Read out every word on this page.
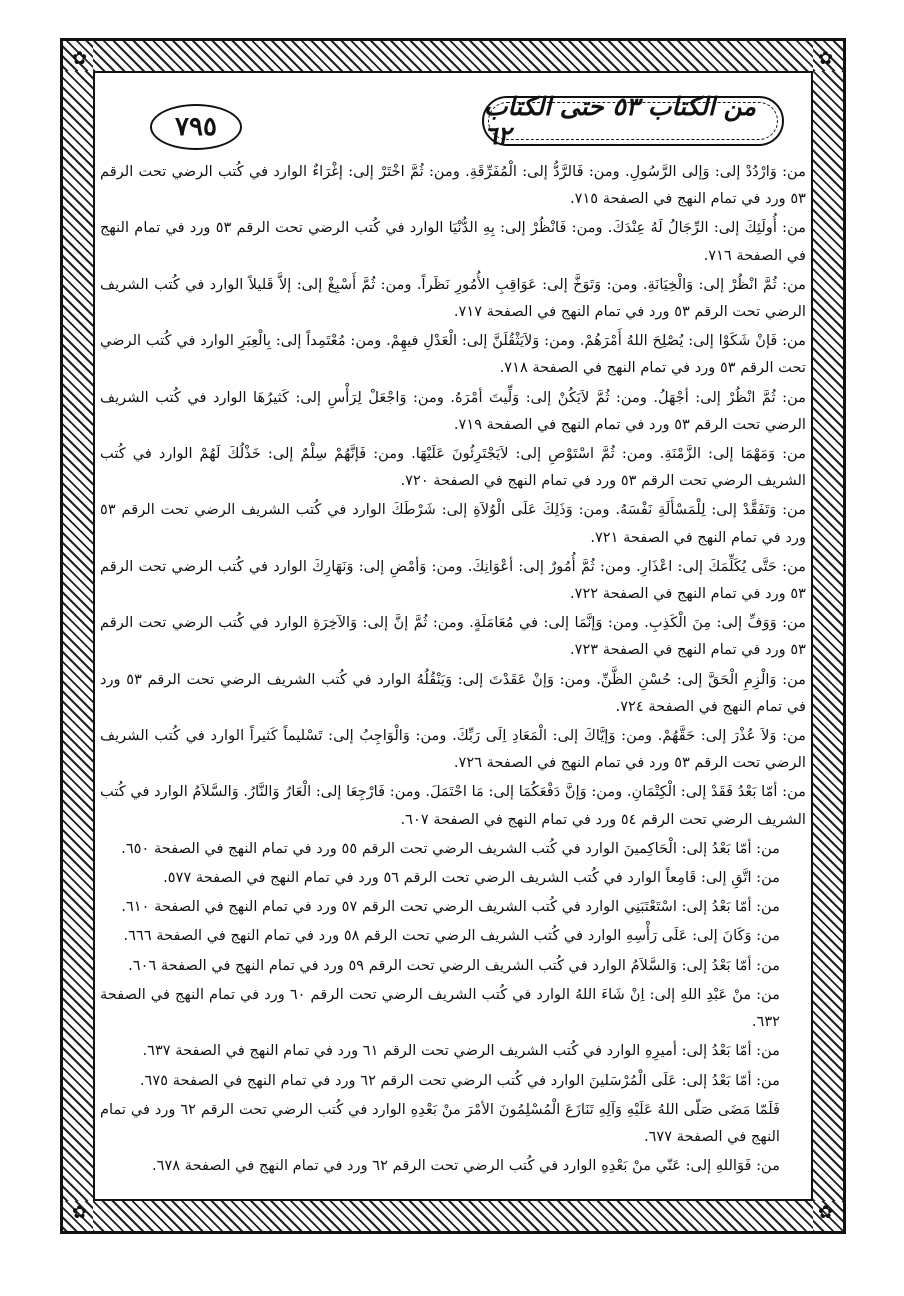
✿	✿
✿	✿
من الكتاب ٥٣ حتى الكتاب ٦٢
٧٩٥

من: وَارْدُدْ إلى: وَإلى الرَّسُولِ. ومن: فَالرَّدُّ إلى: الْمُفَرِّقَةِ. ومن: ثُمَّ اخْتَرْ إلى: إغْرَاءٌ الوارد في كُتب الرضي تحت الرقم ٥٣ ورد في تمام النهج في الصفحة ٧١٥.

من: أُولَئِكَ إلى: الرِّجَالُ لَهُ عِنْدَكَ. ومن: فَانْظُرْ إلى: بِهِ الدُّنْيَا الوارد في كُتب الرضي تحت الرقم ٥٣ ورد في تمام النهج في الصفحة ٧١٦.

من: ثُمَّ انْظُرْ إلى: وَالْخِيَانَةِ. ومن: وَتَوَخَّ إلى: عَوَاقِبِ الأُمُورِ نَظَراً. ومن: ثُمَّ أَسْبِغْ إلى: إلاَّ قَليلاً الوارد في كُتب الشريف الرضي تحت الرقم ٥٣ ورد في تمام النهج في الصفحة ٧١٧.

من: فَإنْ شَكَوْا إلى: يُصْلِحَ اللهُ أَمْرَهُمْ. ومن: وَلاَيَثْقُلَنَّ إلى: الْعَدْلِ فيهِمْ. ومن: مُعْتَمِداً إلى: بِالْعِبَرِ الوارد في كُتب الرضي تحت الرقم ٥٣ ورد في تمام النهج في الصفحة ٧١٨.

من: ثُمَّ انْظُرْ إلى: أجْهَلُ. ومن: ثُمَّ لاَيَكُنْ إلى: وَلِّيتَ أمْرَهُ. ومن: وَاجْعَلْ لِرَأْسِ إلى: كَثيرُهَا الوارد في كُتب الشريف الرضي تحت الرقم ٥٣ ورد في تمام النهج في الصفحة ٧١٩.

من: وَمَهْمَا إلى: الزَّمْنَةِ. ومن: ثُمَّ اسْتَوْصِ إلى: لاَيَجْتَرِئُونَ عَلَيْهَا. ومن: فَإنَّهُمْ سِلْمٌ إلى: خَذْلُكَ لَهُمْ الوارد في كُتب الشريف الرضي تحت الرقم ٥٣ ورد في تمام النهج في الصفحة ٧٢٠.

من: وَتَفَقَّدْ إلى: لِلْمَسْأَلَةِ نَفْسَهُ. ومن: وَذَلِكَ عَلَى الْوُلاَةِ إلى: شَرْطَكَ الوارد في كُتب الشريف الرضي تحت الرقم ٥٣ ورد في تمام النهج في الصفحة ٧٢١.

من: حَتَّى يُكَلِّمَكَ إلى: اعْذَارِ. ومن: ثُمَّ أُمُورٌ إلى: أعْوَانِكَ. ومن: وَأمْضِ إلى: وَنَهَارِكَ الوارد في كُتب الرضي تحت الرقم ٥٣ ورد في تمام النهج في الصفحة ٧٢٢.

من: وَوَفِّ إلى: مِنَ الْكَذِبِ. ومن: وَإنَّمَا إلى: في مُعَامَلَةٍ. ومن: ثُمَّ إنَّ إلى: وَالآخِرَةِ الوارد في كُتب الرضي تحت الرقم ٥٣ ورد في تمام النهج في الصفحة ٧٢٣.

من: وَالْزِمِ الْحَقَّ إلى: حُسْنِ الظَّنِّ. ومن: وَإنْ عَقَدْتَ إلى: وَيَنْقُلُهُ الوارد في كُتب الشريف الرضي تحت الرقم ٥٣ ورد في تمام النهج في الصفحة ٧٢٤.

من: وَلاَ عُذْرَ إلى: حَقَّهُمْ. ومن: وَإيَّاكَ إلى: الْمَعَادِ اِلَى رَبِّكَ. ومن: وَالْوَاجِبُ إلى: تَسْليماً كَثيراً الوارد في كُتب الشريف الرضي تحت الرقم ٥٣ ورد في تمام النهج في الصفحة ٧٢٦.

من: أمّا بَعْدُ فَقَدْ إلى: الْكِتْمَانِ. ومن: وَإنَّ دَفْعَكُمَا إلى: مَا احْتَمَلَ. ومن: فَارْجِعَا إلى: الْعَارُ وَالنَّارُ. وَالسَّلاَمُ الوارد في كُتب الشريف الرضي تحت الرقم ٥٤ ورد في تمام النهج في الصفحة ٦٠٧.

من: أمّا بَعْدُ إلى: الْحَاكِمينَ الوارد في كُتب الشريف الرضي تحت الرقم ٥٥ ورد في تمام النهج في الصفحة ٦٥٠.

من: اتَّقِ إلى: قَامِعاً الوارد في كُتب الشريف الرضي تحت الرقم ٥٦ ورد في تمام النهج في الصفحة ٥٧٧.

من: أمّا بَعْدُ إلى: اسْتَعْتَبَنِي الوارد في كُتب الشريف الرضي تحت الرقم ٥٧ ورد في تمام النهج في الصفحة ٦١٠.

من: وَكَانَ إلى: عَلَى رَأْسِهِ الوارد في كُتب الشريف الرضي تحت الرقم ٥٨ ورد في تمام النهج في الصفحة ٦٦٦.

من: أمّا بَعْدُ إلى: وَالسَّلاَمُ الوارد في كُتب الشريف الرضي تحت الرقم ٥٩ ورد في تمام النهج في الصفحة ٦٠٦.

من: منْ عَبْدِ اللهِ إلى: اِنْ شَاءَ اللهُ الوارد في كُتب الشريف الرضي تحت الرقم ٦٠ ورد في تمام النهج في الصفحة ٦٣٢.

من: أمّا بَعْدُ إلى: أميرِهِ الوارد في كُتب الشريف الرضي تحت الرقم ٦١ ورد في تمام النهج في الصفحة ٦٣٧.

من: أمّا بَعْدُ إلى: عَلَى الْمُرْسَلينَ الوارد في كُتب الرضي تحت الرقم ٦٢ ورد في تمام النهج في الصفحة ٦٧٥.

فَلَمّا مَضَى صَلّى اللهُ عَلَيْهِ وَآلِهِ تَنَازَعَ الْمُسْلِمُونَ الأمْرَ منْ بَعْدِهِ الوارد في كُتب الرضي تحت الرقم ٦٢ ورد في تمام النهج في الصفحة ٦٧٧.

من: فَوَاللهِ إلى: عَنّي منْ بَعْدِهِ الوارد في كُتب الرضي تحت الرقم ٦٢ ورد في تمام النهج في الصفحة ٦٧٨.
